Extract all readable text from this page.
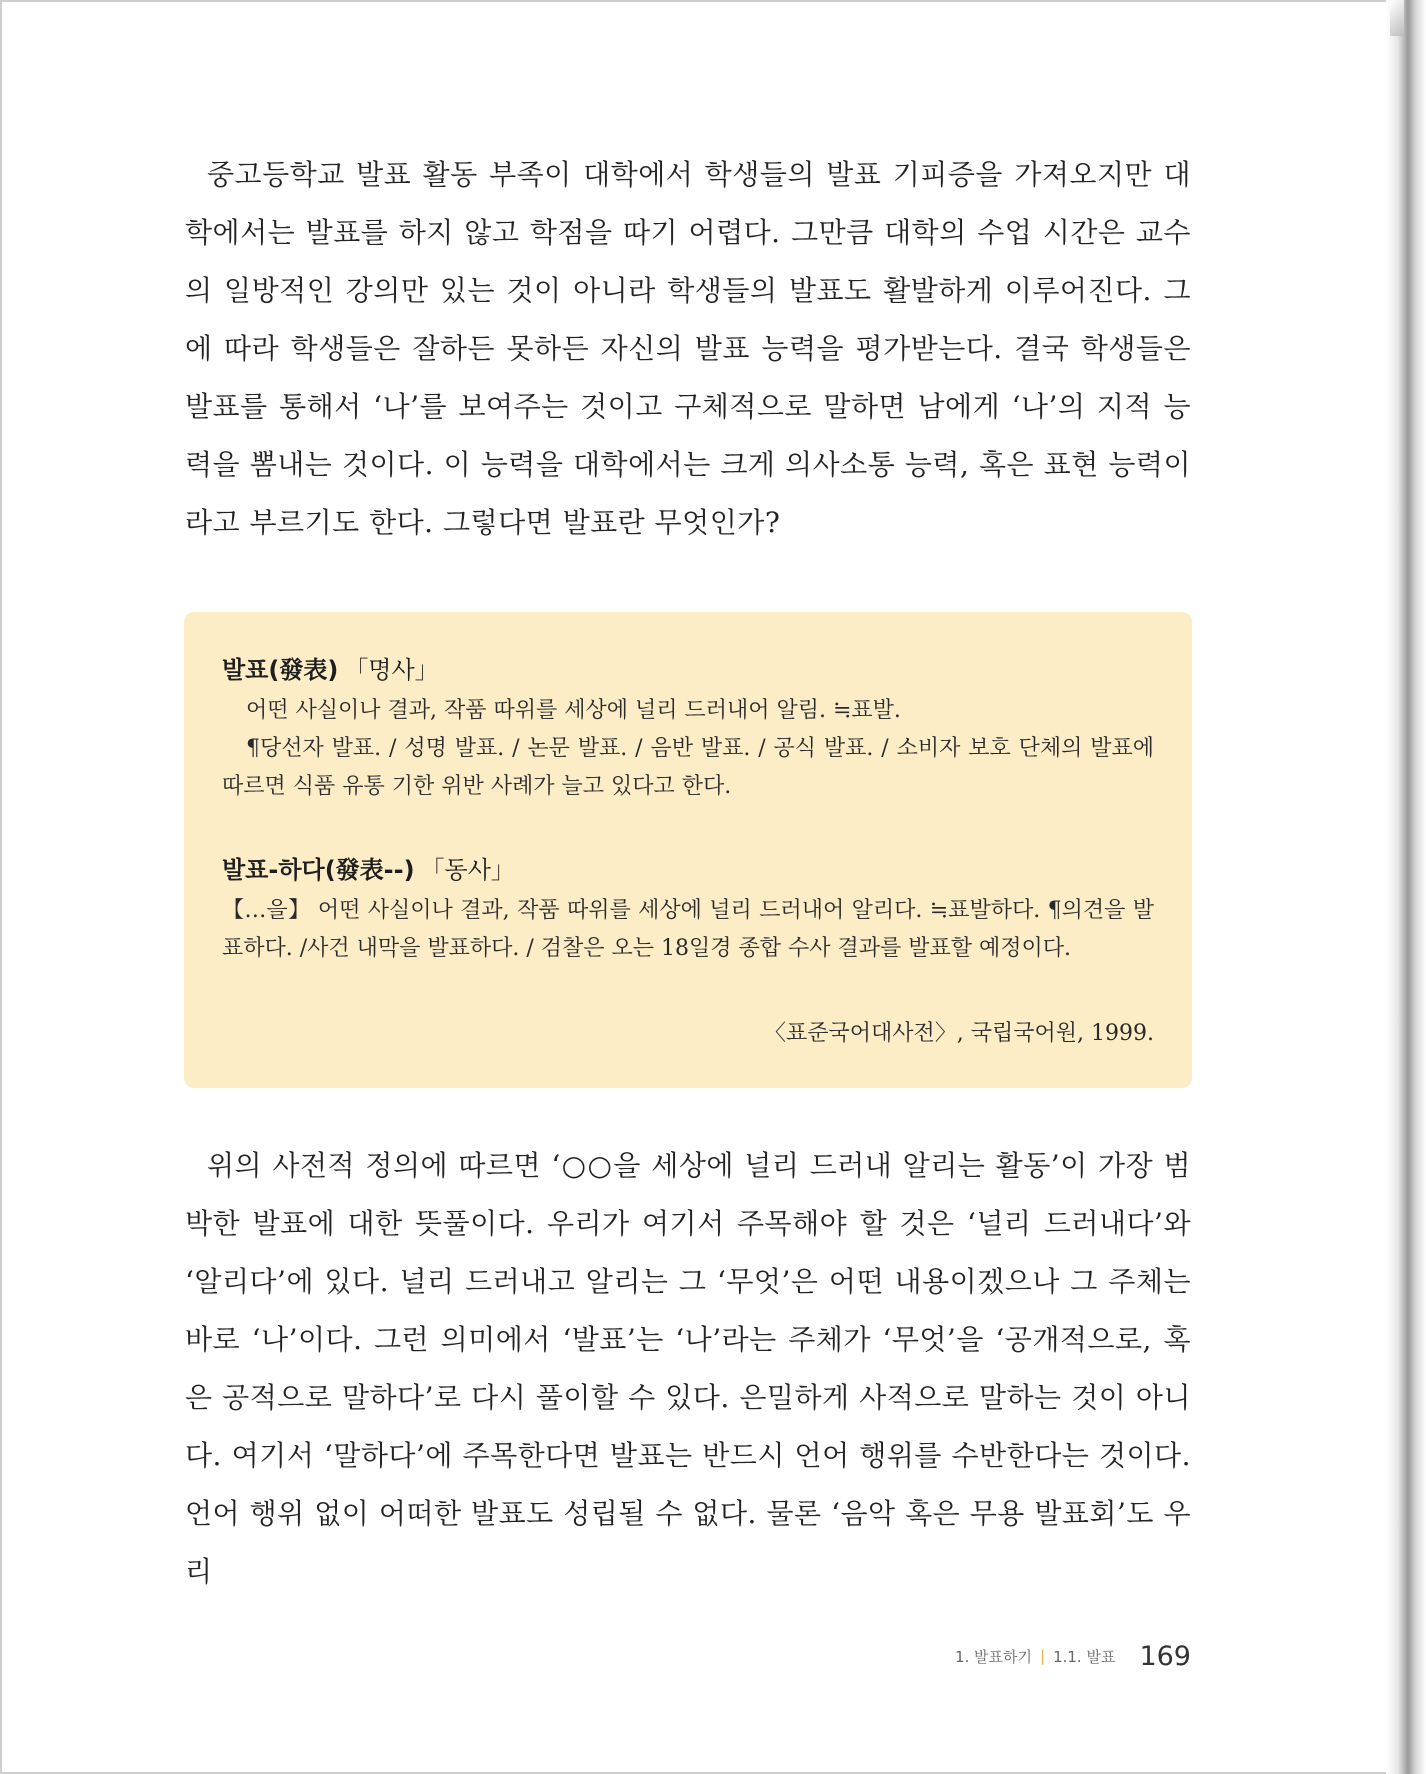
중고등학교 발표 활동 부족이 대학에서 학생들의 발표 기피증을 가져오지만 대학에서는 발표를 하지 않고 학점을 따기 어렵다. 그만큼 대학의 수업 시간은 교수의 일방적인 강의만 있는 것이 아니라 학생들의 발표도 활발하게 이루어진다. 그에 따라 학생들은 잘하든 못하든 자신의 발표 능력을 평가받는다. 결국 학생들은 발표를 통해서 ‘나’를 보여주는 것이고 구체적으로 말하면 남에게 ‘나’의 지적 능력을 뽐내는 것이다. 이 능력을 대학에서는 크게 의사소통 능력, 혹은 표현 능력이라고 부르기도 한다. 그렇다면 발표란 무엇인가?
발표(發表) 「명사」
어떤 사실이나 결과, 작품 따위를 세상에 널리 드러내어 알림. ≒표발.
¶당선자 발표. / 성명 발표. / 논문 발표. / 음반 발표. / 공식 발표. / 소비자 보호 단체의 발표에 따르면 식품 유통 기한 위반 사례가 늘고 있다고 한다.
발표-하다(發表--) 「동사」
【…을】 어떤 사실이나 결과, 작품 따위를 세상에 널리 드러내어 알리다. ≒표발하다. ¶의견을 발표하다. /사건 내막을 발표하다. / 검찰은 오는 18일경 종합 수사 결과를 발표할 예정이다.
〈표준국어대사전〉, 국립국어원, 1999.
위의 사전적 정의에 따르면 ‘○○을 세상에 널리 드러내 알리는 활동’이 가장 범박한 발표에 대한 뜻풀이다. 우리가 여기서 주목해야 할 것은 ‘널리 드러내다’와 ‘알리다’에 있다. 널리 드러내고 알리는 그 ‘무엇’은 어떤 내용이겠으나 그 주체는 바로 ‘나’이다. 그런 의미에서 ‘발표’는 ‘나’라는 주체가 ‘무엇’을 ‘공개적으로, 혹은 공적으로 말하다’로 다시 풀이할 수 있다. 은밀하게 사적으로 말하는 것이 아니다. 여기서 ‘말하다’에 주목한다면 발표는 반드시 언어 행위를 수반한다는 것이다. 언어 행위 없이 어떠한 발표도 성립될 수 없다. 물론 ‘음악 혹은 무용 발표회’도 우리
1. 발표하기 | 1.1. 발표 169
